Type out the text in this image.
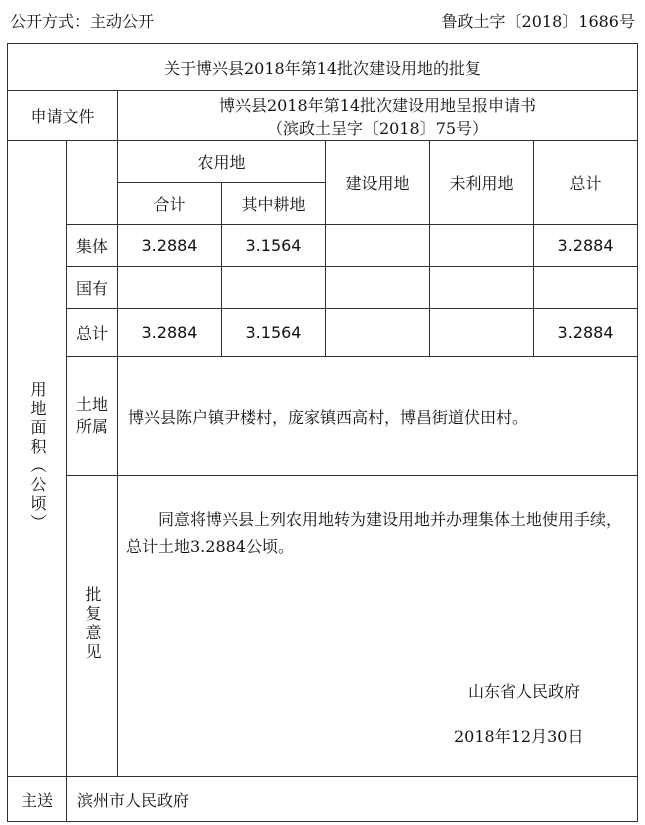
公开方式：主动公开	鲁政土字〔2018〕1686号
关于博兴县2018年第14批次建设用地的批复						
申请文件		博兴县2018年第14批次建设用地呈报申请书
（滨政土呈字〔2018〕75号）				

用地面积（公顷）		农用地		建设用地	未利用地	总计
		合计	其中耕地			
	集体	3.2884	3.1564			3.2884
	国有					
	总计	3.2884	3.1564			3.2884
	土地所属	博兴县陈户镇尹楼村，庞家镇西高村，博昌街道伏田村。				
	批复意见	同意将博兴县上列农用地转为建设用地并办理集体土地使用手续，总计土地3.2884公顷。
山东省人民政府
2018年12月30日				

主送	滨州市人民政府					
